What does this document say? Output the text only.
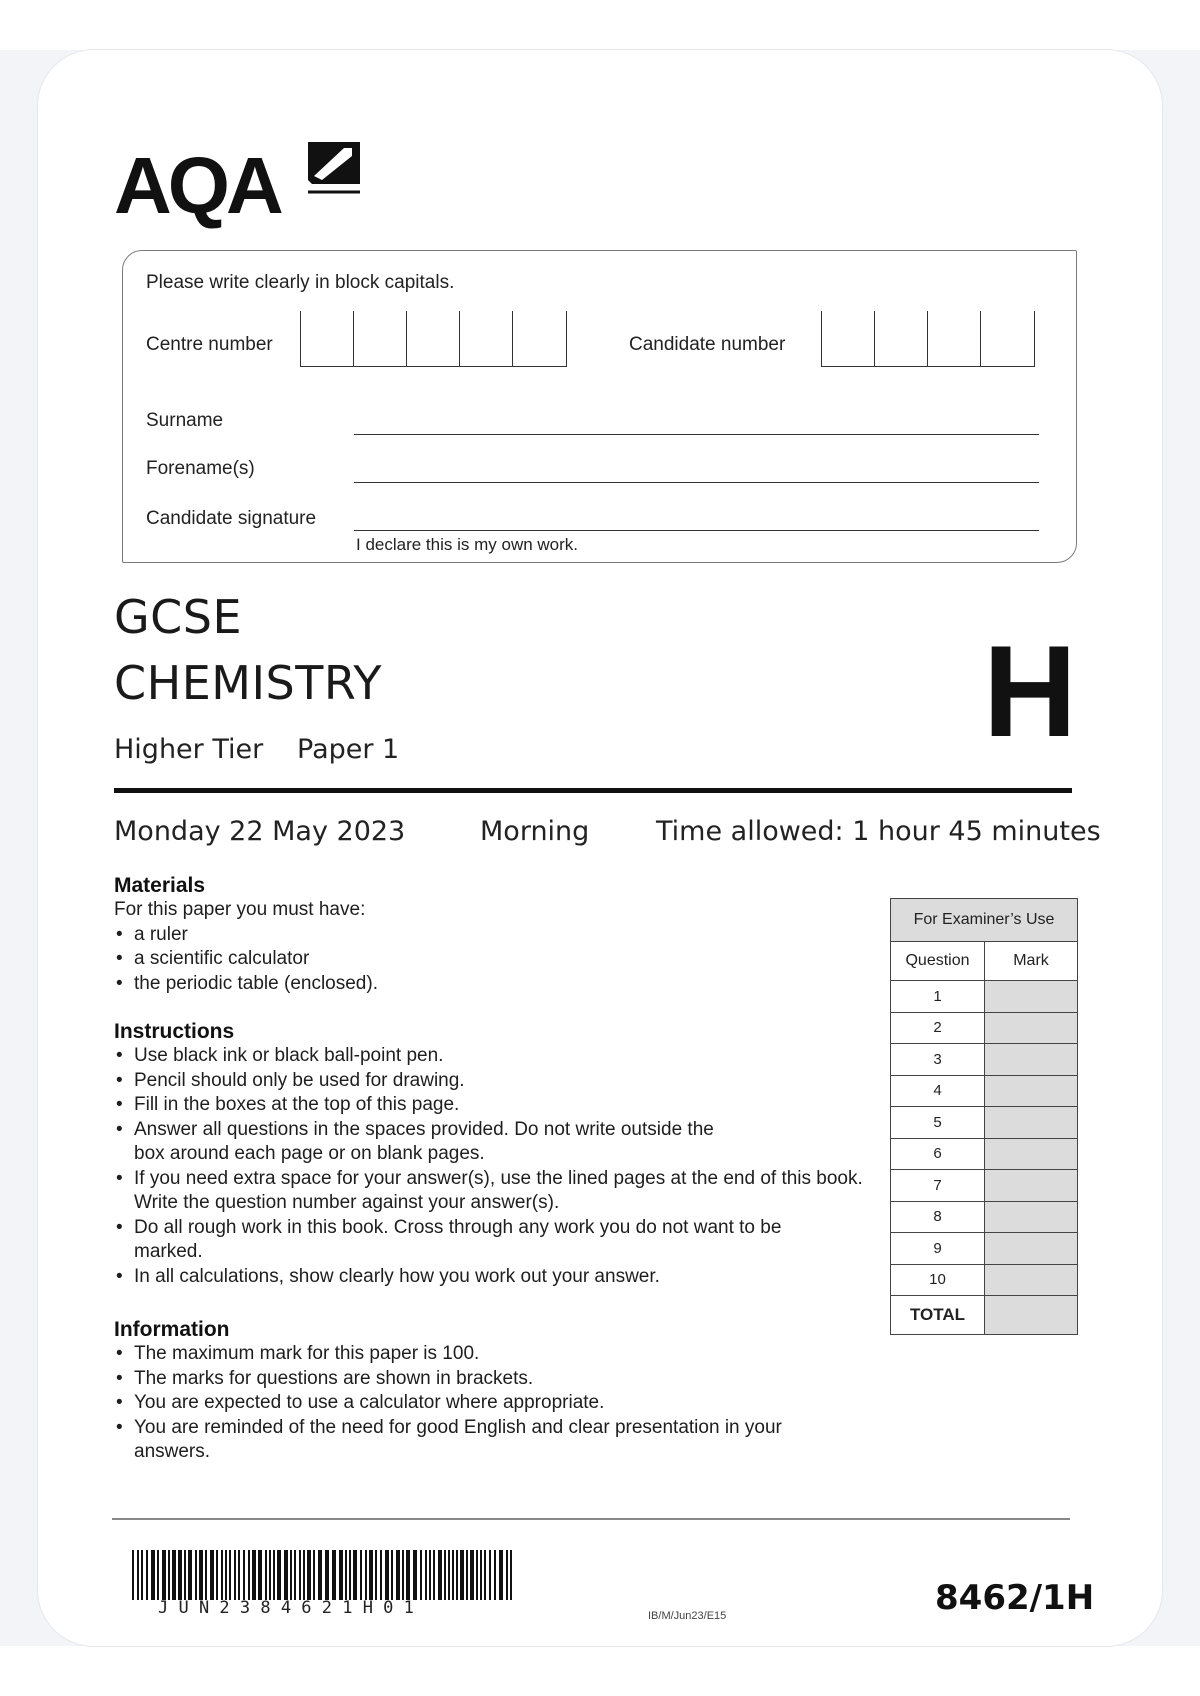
AQA
Please write clearly in block capitals.
Centre number	Candidate number
Surname
Forename(s)
Candidate signature
I declare this is my own work.
GCSE
CHEMISTRY
Higher Tier Paper 1	H
Monday 22 May 2023	Morning Time allowed: 1 hour 45 minutes
Materials
For this paper you must have:
• a ruler
• a scientific calculator
• the periodic table (enclosed).
Instructions
• Use black ink or black ball-point pen.
• Pencil should only be used for drawing.
• Fill in the boxes at the top of this page.
• Answer all questions in the spaces provided. Do not write outside the box around each page or on blank pages.
• If you need extra space for your answer(s), use the lined pages at the end of this book. Write the question number against your answer(s).
• Do all rough work in this book. Cross through any work you do not want to be marked.
• In all calculations, show clearly how you work out your answer.
Information
• The maximum mark for this paper is 100.
• The marks for questions are shown in brackets.
• You are expected to use a calculator where appropriate.
• You are reminded of the need for good English and clear presentation in your answers.
For Examiner’s Use	
Question	Mark
1	
2	
3	
4	
5	
6	
7	
8	
9	
10	
TOTAL	
J U N 2 3 8 4 6 2 1 H 0 1	IB/M/Jun23/E15	8462/1H
